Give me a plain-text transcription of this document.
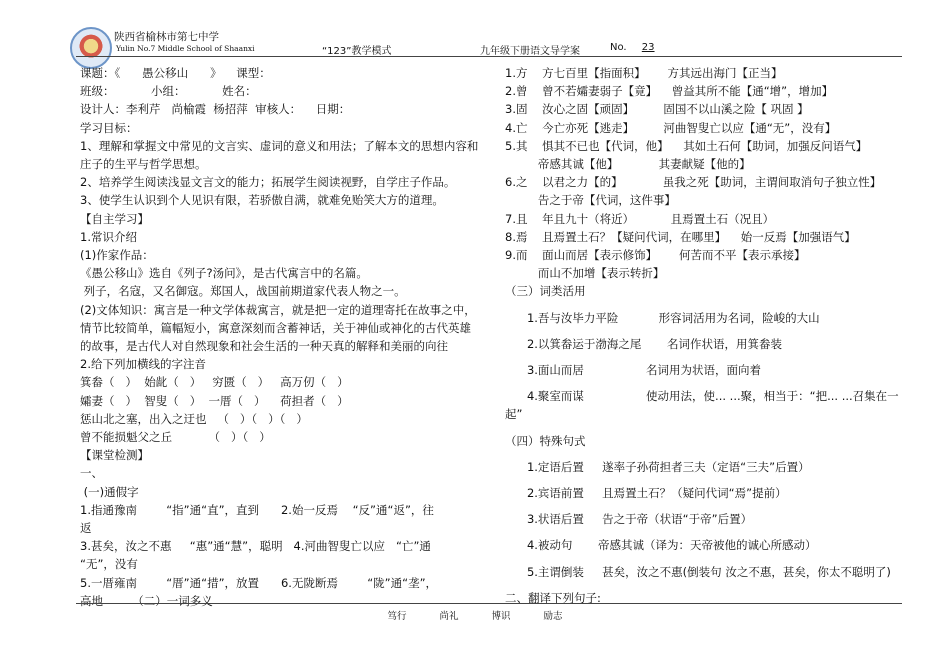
陕西省榆林市第七中学
Yulin No.7 Middle School of Shaanxi	“123”教学模式	九年级下册语文导学案	No. 23
课题：《      愚公移山      》    课型：
班级：          小组：          姓名：
设计人：李利芹   尚榆霞  杨招萍  审核人：    日期：
学习目标：
1、理解和掌握文中常见的文言实、虚词的意义和用法；了解本文的思想内容和
庄子的生平与哲学思想。
2、培养学生阅读浅显文言文的能力；拓展学生阅读视野，自学庄子作品。
3、使学生认识到个人见识有限，若骄傲自满，就难免贻笑大方的道理。
【自主学习】
1.常识介绍
(1)作家作品：
《愚公移山》选自《列子?汤问》，是古代寓言中的名篇。
列子，名寇，又名御寇。郑国人，战国前期道家代表人物之一。
(2)文体知识：寓言是一种文学体裁寓言，就是把一定的道理寄托在故事之中，
情节比较简单，篇幅短小，寓意深刻而含蓄神话，关于神仙或神化的古代英雄
的故事，是古代人对自然现象和社会生活的一种天真的解释和美丽的向往
2.给下列加横线的字注音
箕畚（   ）  始龀（   ）   穷匮（   ）   高万仞（   ）
孀妻（   ）  智叟（   ）  一厝（   ）    荷担者（   ）
惩山北之塞，出入之迂也   （   ）（   ）（   ）
曾不能损魁父之丘          （   ）（   ）
【课堂检测】
一、
(一)通假字
1.指通豫南        “指”通“直”，直到      2.始一反焉    “反”通“返”，往
返
3.甚矣，汝之不惠     “惠”通“慧”，聪明   4.河曲智叟亡以应   “亡”通
“无”，没有
5.一厝雍南        “厝”通“措”，放置      6.无陇断焉        “陇”通“垄”，
高地        （二）一词多义
1.方    方七百里【指面积】      方其远出海门【正当】
2.曾    曾不若孀妻弱子【竟】    曾益其所不能【通“增”，增加】
3.固    汝心之固【顽固】        固国不以山溪之险【 巩固 】
4.亡    今亡亦死【逃走】        河曲智叟亡以应【通“无”，没有】
5.其    惧其不已也【代词，他】    其如土石何【助词，加强反问语气】
帝感其诚【他】           其妻献疑【他的】
6.之    以君之力【的】           虽我之死【助词，主谓间取消句子独立性】
告之于帝【代词，这件事】
7.且    年且九十（将近）          且焉置土石（况且）
8.焉    且焉置土石？【疑问代词，在哪里】    始一反焉【加强语气】
9.而    面山而居【表示修饰】      何苦而不平【表示承接】
而山不加增【表示转折】
（三）词类活用
1.吾与汝毕力平险           形容词活用为名词，险峻的大山
2.以箕畚运于渤海之尾       名词作状语，用箕畚装
3.面山而居                 名词用为状语，面向着
4.聚室而谋                 使动用法，使... ...聚，相当于：“把... ...召集在一
起”
（四）特殊句式
1.定语后置     遂率子孙荷担者三夫（定语“三夫”后置）
2.宾语前置     且焉置土石？（疑问代词“焉”提前）
3.状语后置     告之于帝（状语“于帝”后置）
4.被动句       帝感其诚（译为：天帝被他的诚心所感动）
5.主谓倒装     甚矣，汝之不惠(倒装句 汝之不惠，甚矣，你太不聪明了)
二、翻译下列句子:
笃行 尚礼 博识 励志
